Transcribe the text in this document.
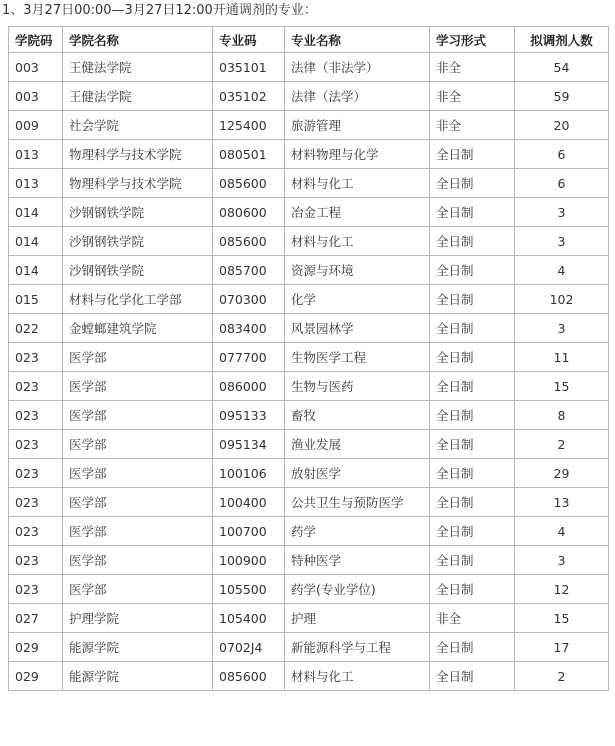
1、3月27日00:00—3月27日12:00开通调剂的专业：
学院码	学院名称	专业码	专业名称	学习形式	拟调剂人数
003	王健法学院	035101	法律（非法学）	非全	54
003	王健法学院	035102	法律（法学）	非全	59
009	社会学院	125400	旅游管理	非全	20
013	物理科学与技术学院	080501	材料物理与化学	全日制	6
013	物理科学与技术学院	085600	材料与化工	全日制	6
014	沙钢钢铁学院	080600	冶金工程	全日制	3
014	沙钢钢铁学院	085600	材料与化工	全日制	3
014	沙钢钢铁学院	085700	资源与环境	全日制	4
015	材料与化学化工学部	070300	化学	全日制	102
022	金螳螂建筑学院	083400	风景园林学	全日制	3
023	医学部	077700	生物医学工程	全日制	11
023	医学部	086000	生物与医药	全日制	15
023	医学部	095133	畜牧	全日制	8
023	医学部	095134	渔业发展	全日制	2
023	医学部	100106	放射医学	全日制	29
023	医学部	100400	公共卫生与预防医学	全日制	13
023	医学部	100700	药学	全日制	4
023	医学部	100900	特种医学	全日制	3
023	医学部	105500	药学(专业学位)	全日制	12
027	护理学院	105400	护理	非全	15
029	能源学院	0702J4	新能源科学与工程	全日制	17
029	能源学院	085600	材料与化工	全日制	2
